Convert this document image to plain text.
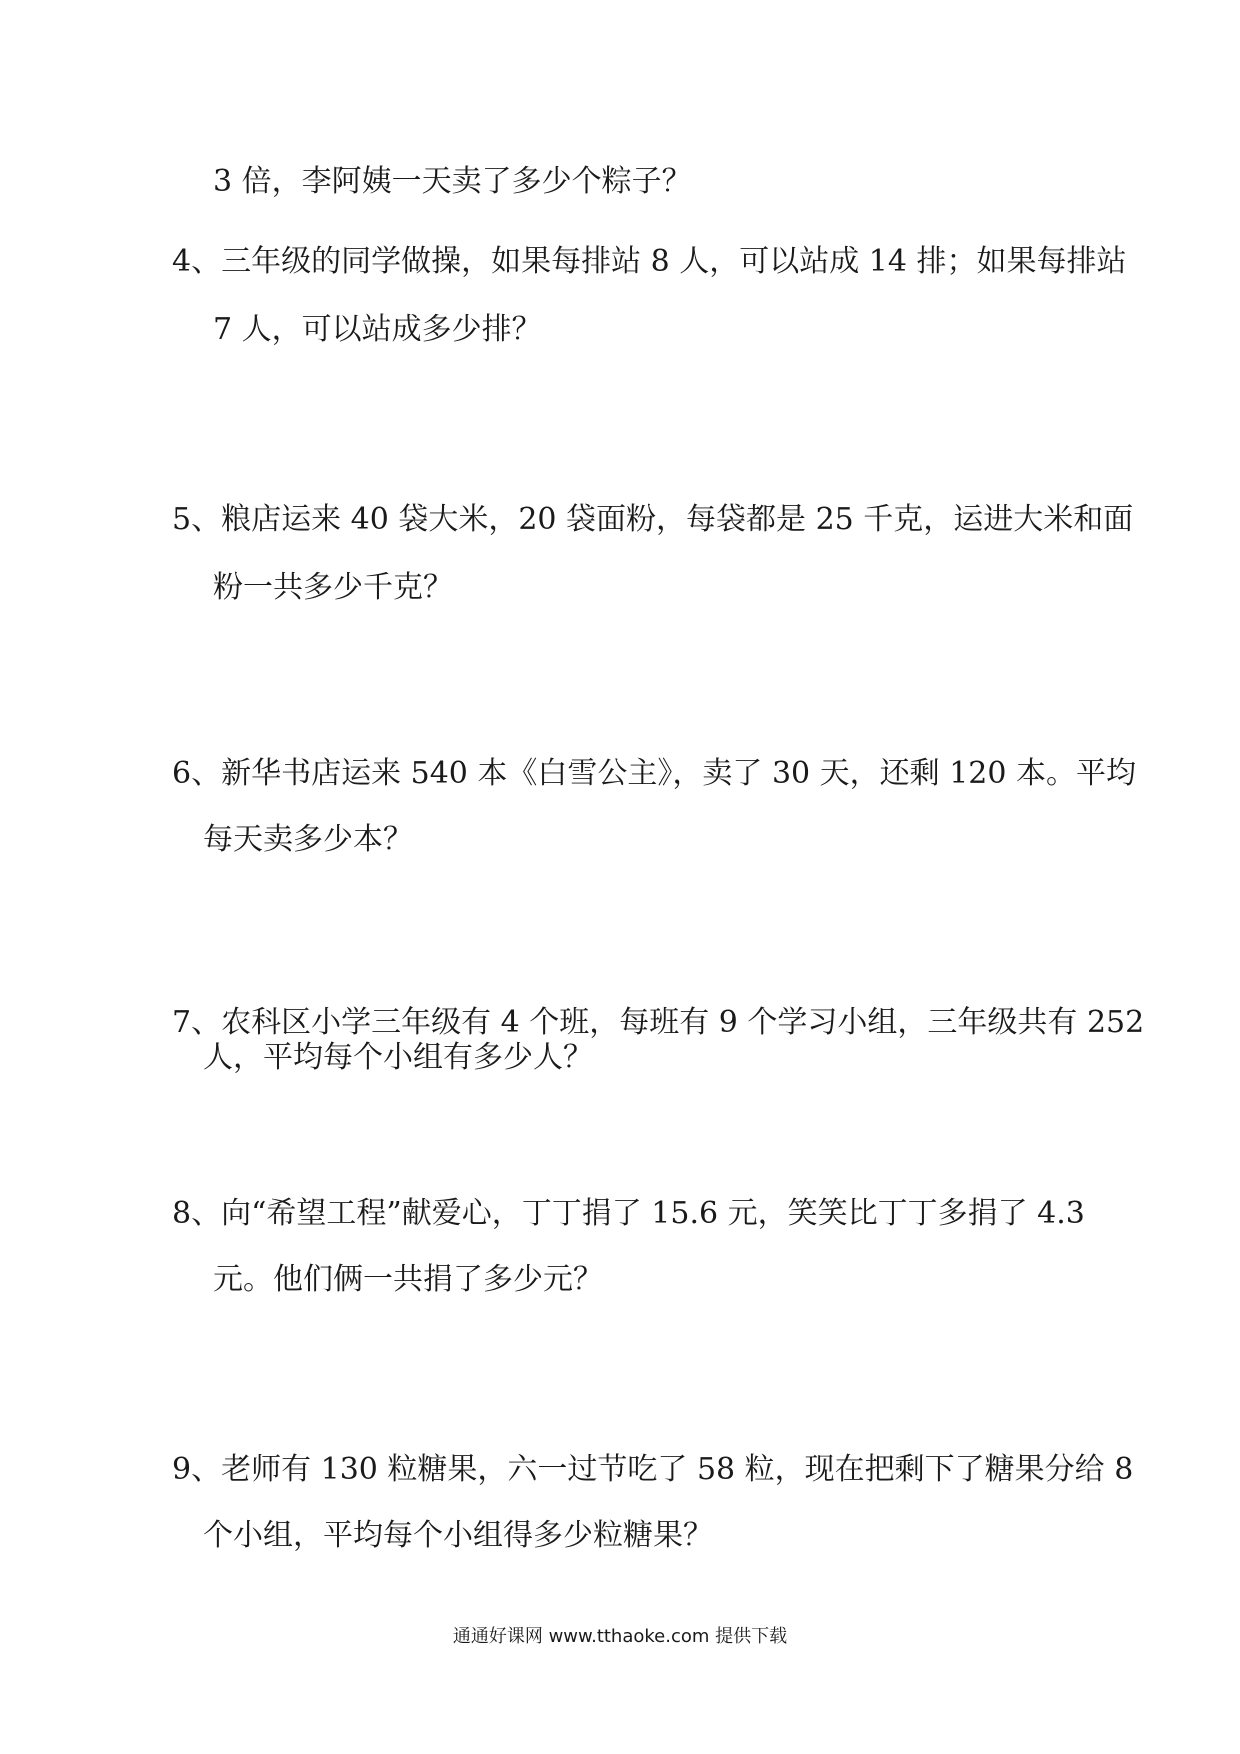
3 倍，李阿姨一天卖了多少个粽子？
4、三年级的同学做操，如果每排站 8 人，可以站成 14 排；如果每排站
7 人，可以站成多少排？
5、粮店运来 40 袋大米，20 袋面粉，每袋都是 25 千克，运进大米和面
粉一共多少千克？
6、新华书店运来 540 本《白雪公主》，卖了 30 天，还剩 120 本。平均
每天卖多少本？
7、农科区小学三年级有 4 个班，每班有 9 个学习小组，三年级共有 252
人，平均每个小组有多少人？
8、向“希望工程”献爱心，丁丁捐了 15.6 元，笑笑比丁丁多捐了 4.3
元。他们俩一共捐了多少元？
9、老师有 130 粒糖果，六一过节吃了 58 粒，现在把剩下了糖果分给 8
个小组，平均每个小组得多少粒糖果？
通通好课网 www.tthaoke.com 提供下载
